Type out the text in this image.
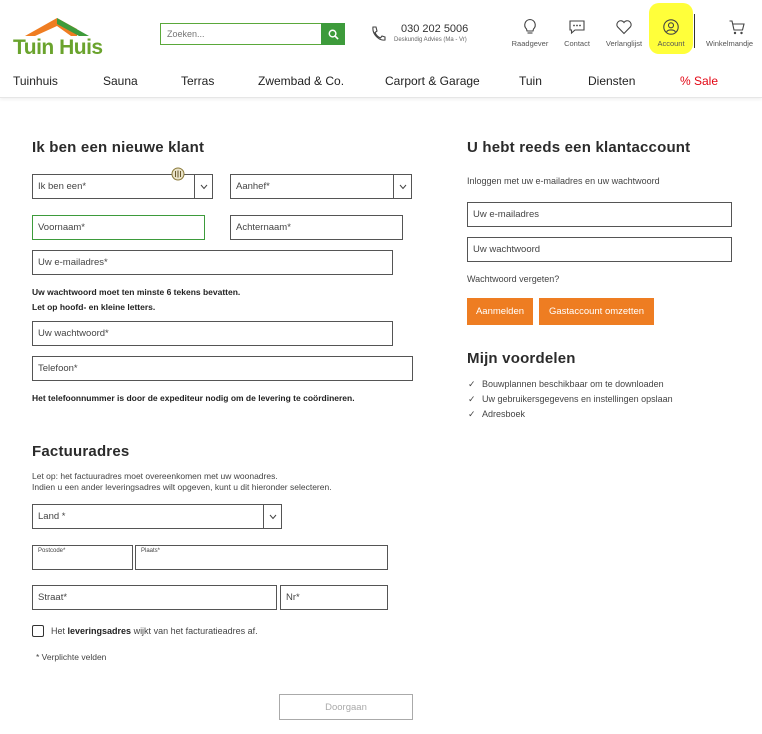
Tuin Huis
Zoeken...
030 202 5006
Deskundig Advies (Ma - Vr)	Raadgever	Contact	Verlanglijst	Account	Winkelmandje
Tuinhuis	Sauna	Terras	Zwembad & Co.	Carport & Garage	Tuin	Diensten	% Sale
Ik ben een nieuwe klant
Ik ben een*	Aanhef*
Voornaam*	Achternaam*
Uw e-mailadres*
Uw wachtwoord moet ten minste 6 tekens bevatten.
Let op hoofd- en kleine letters.
Uw wachtwoord*
Telefoon*
Het telefoonnummer is door de expediteur nodig om de levering te coördineren.
Factuuradres
Let op: het factuuradres moet overeenkomen met uw woonadres.
Indien u een ander leveringsadres wilt opgeven, kunt u dit hieronder selecteren.
Land *
Postcode*	Plaats*
Straat*	Nr*
Het leveringsadres wijkt van het facturatieadres af.
* Verplichte velden
Doorgaan
U hebt reeds een klantaccount
Inloggen met uw e-mailadres en uw wachtwoord
Uw e-mailadres
Uw wachtwoord
Wachtwoord vergeten?
Aanmelden	Gastaccount omzetten
Mijn voordelen
✓ Bouwplannen beschikbaar om te downloaden
✓ Uw gebruikersgegevens en instellingen opslaan
✓ Adresboek
